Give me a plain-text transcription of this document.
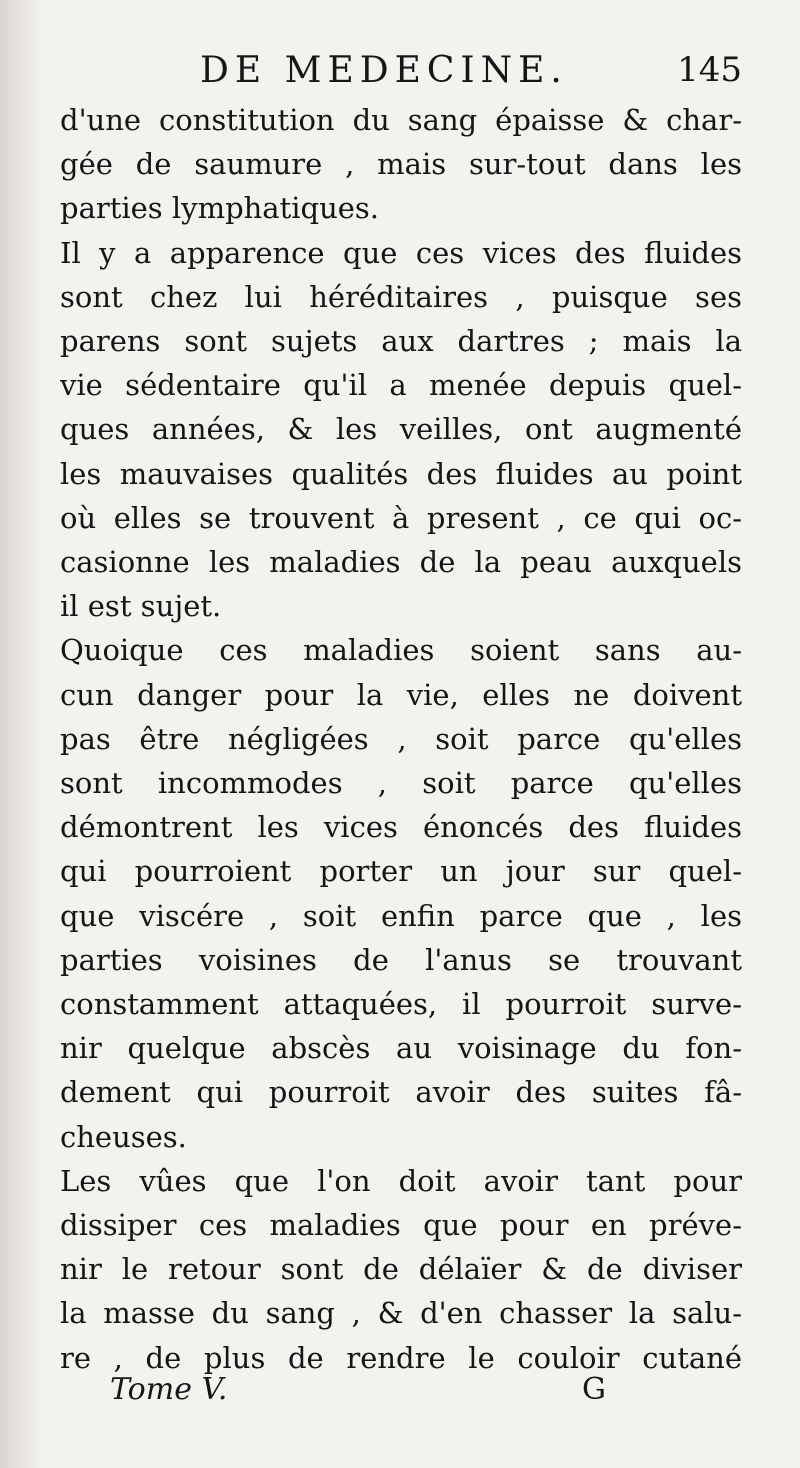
DE MEDECINE.	145
d'une constitution du sang épaisse & char-
gée de saumure , mais sur-tout dans les
parties lymphatiques.
Il y a apparence que ces vices des fluides
sont chez lui héréditaires , puisque ses
parens sont sujets aux dartres ; mais la
vie sédentaire qu'il a menée depuis quel-
ques années, & les veilles, ont augmenté
les mauvaises qualités des fluides au point
où elles se trouvent à present , ce qui oc-
casionne les maladies de la peau auxquels
il est sujet.
Quoique ces maladies soient sans au-
cun danger pour la vie, elles ne doivent
pas être négligées , soit parce qu'elles
sont incommodes , soit parce qu'elles
démontrent les vices énoncés des fluides
qui pourroient porter un jour sur quel-
que viscére , soit enfin parce que , les
parties voisines de l'anus se trouvant
constamment attaquées, il pourroit surve-
nir quelque abscès au voisinage du fon-
dement qui pourroit avoir des suites fâ-
cheuses.
Les vûes que l'on doit avoir tant pour
dissiper ces maladies que pour en préve-
nir le retour sont de délaïer & de diviser
la masse du sang , & d'en chasser la salu-
re , de plus de rendre le couloir cutané
Tome V.	G
